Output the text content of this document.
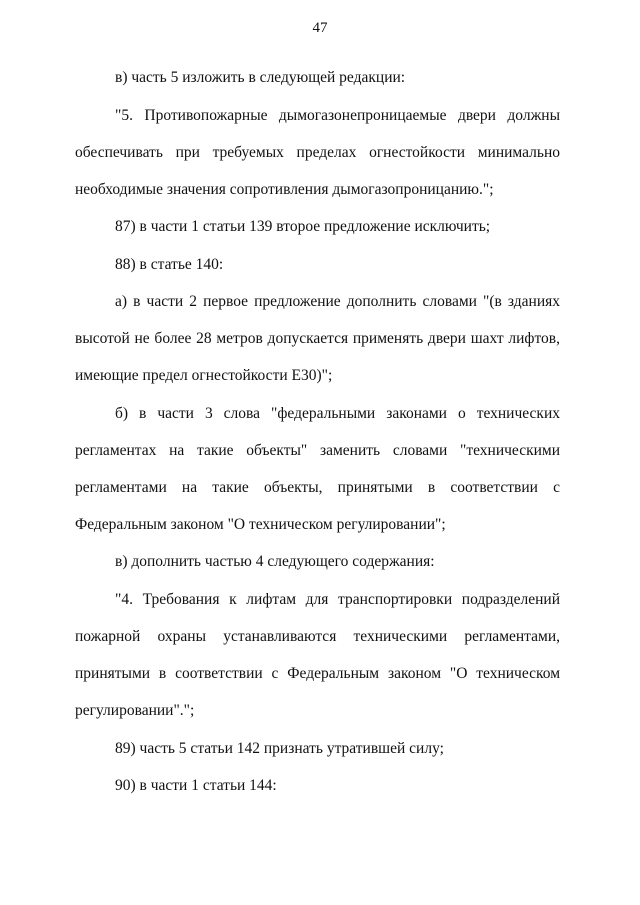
47
в) часть 5 изложить в следующей редакции:
"5. Противопожарные дымогазонепроницаемые двери должны
обеспечивать при требуемых пределах огнестойкости минимально
необходимые значения сопротивления дымогазопроницанию.";
87) в части 1 статьи 139 второе предложение исключить;
88) в статье 140:
а) в части 2 первое предложение дополнить словами "(в зданиях
высотой не более 28 метров допускается применять двери шахт лифтов,
имеющие предел огнестойкости E30)";
б) в части 3 слова "федеральными законами о технических
регламентах на такие объекты" заменить словами "техническими
регламентами на такие объекты, принятыми в соответствии с
Федеральным законом "О техническом регулировании";
в) дополнить частью 4 следующего содержания:
"4. Требования к лифтам для транспортировки подразделений
пожарной охраны устанавливаются техническими регламентами,
принятыми в соответствии с Федеральным законом "О техническом
регулировании".";
89) часть 5 статьи 142 признать утратившей силу;
90) в части 1 статьи 144:
